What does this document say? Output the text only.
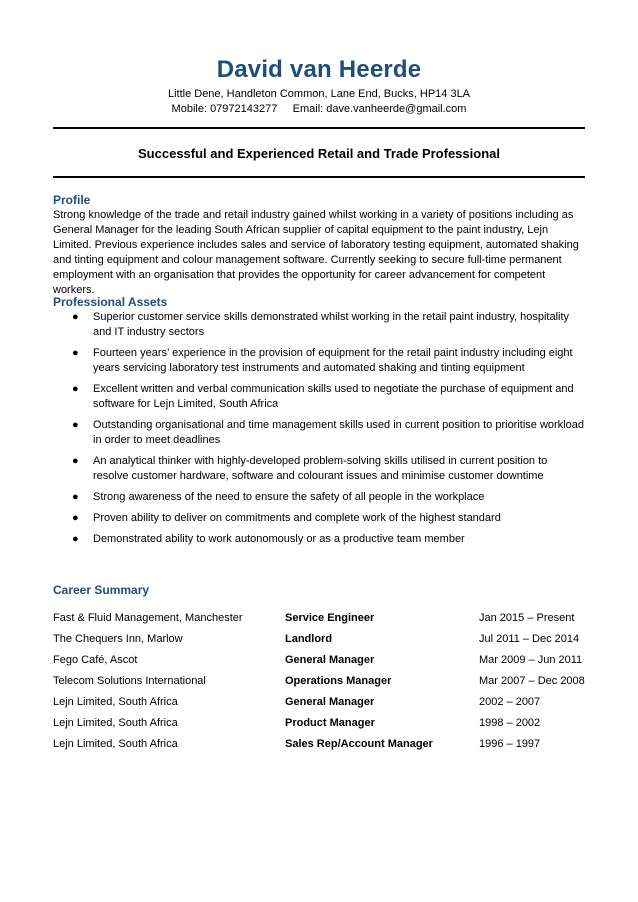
David van Heerde
Little Dene, Handleton Common, Lane End, Bucks, HP14 3LA
Mobile: 07972143277 Email: dave.vanheerde@gmail.com
Successful and Experienced Retail and Trade Professional
Profile
Strong knowledge of the trade and retail industry gained whilst working in a variety of positions including as General Manager for the leading South African supplier of capital equipment to the paint industry, Lejn Limited. Previous experience includes sales and service of laboratory testing equipment, automated shaking and tinting equipment and colour management software. Currently seeking to secure full-time permanent employment with an organisation that provides the opportunity for career advancement for competent workers.
Professional Assets
● Superior customer service skills demonstrated whilst working in the retail paint industry, hospitality and IT industry sectors
● Fourteen years’ experience in the provision of equipment for the retail paint industry including eight years servicing laboratory test instruments and automated shaking and tinting equipment
● Excellent written and verbal communication skills used to negotiate the purchase of equipment and software for Lejn Limited, South Africa
● Outstanding organisational and time management skills used in current position to prioritise workload in order to meet deadlines
● An analytical thinker with highly-developed problem-solving skills utilised in current position to resolve customer hardware, software and colourant issues and minimise customer downtime
● Strong awareness of the need to ensure the safety of all people in the workplace
● Proven ability to deliver on commitments and complete work of the highest standard
● Demonstrated ability to work autonomously or as a productive team member
Career Summary
Fast & Fluid Management, Manchester	Service Engineer	Jan 2015 – Present
The Chequers Inn, Marlow	Landlord	Jul 2011 – Dec 2014
Fego Café, Ascot	General Manager	Mar 2009 – Jun 2011
Telecom Solutions International	Operations Manager	Mar 2007 – Dec 2008
Lejn Limited, South Africa	General Manager	2002 – 2007
Lejn Limited, South Africa	Product Manager	1998 – 2002
Lejn Limited, South Africa	Sales Rep/Account Manager	1996 – 1997
